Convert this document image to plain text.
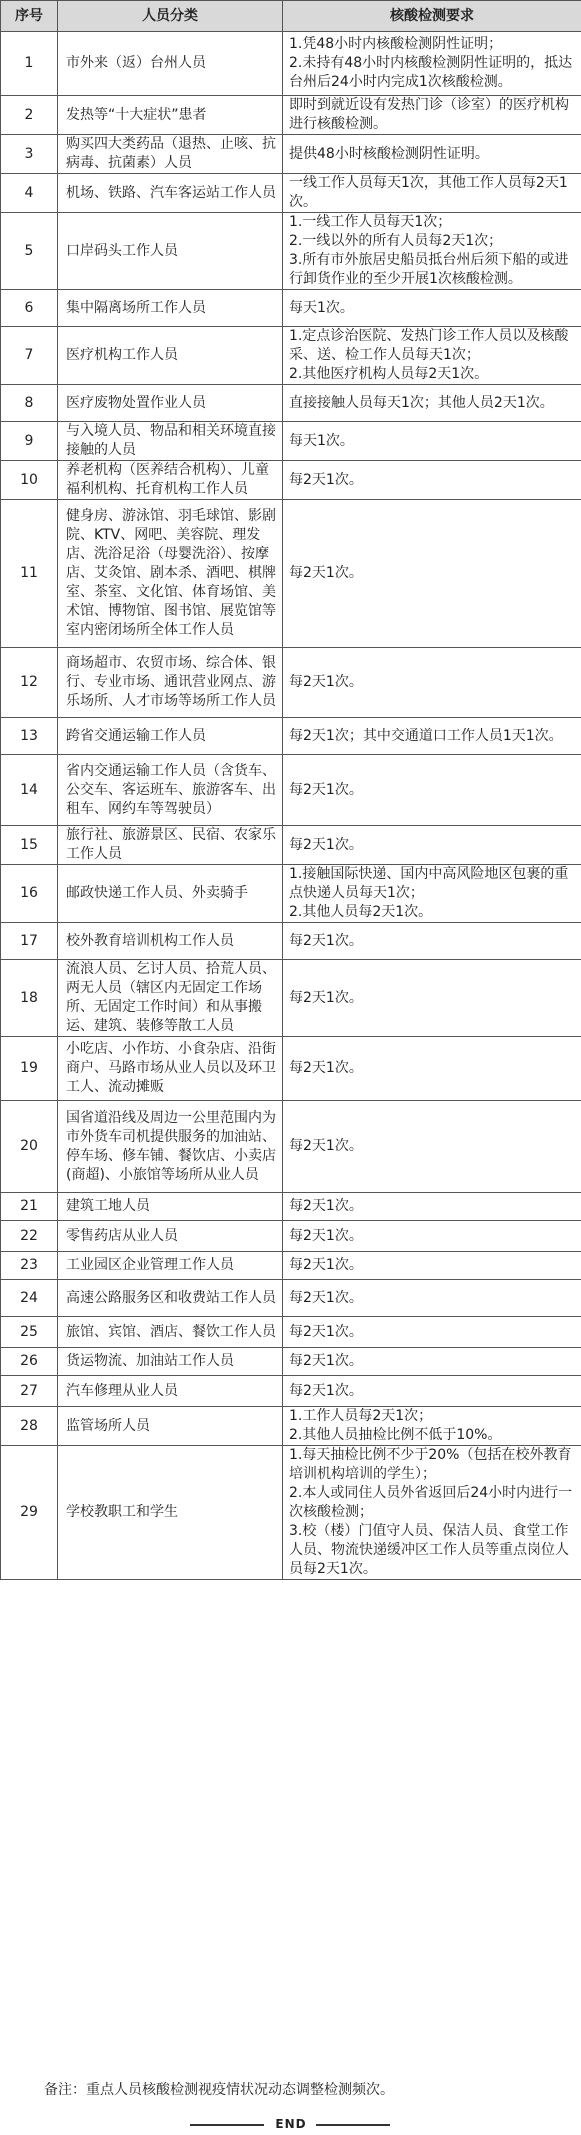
序号	人员分类	核酸检测要求
1	市外来（返）台州人员	1.凭48小时内核酸检测阴性证明；
2.未持有48小时内核酸检测阴性证明的，抵达台州后24小时内完成1次核酸检测。

2	发热等“十大症状”患者	即时到就近设有发热门诊（诊室）的医疗机构进行核酸检测。

3	购买四大类药品（退热、止咳、抗病毒、抗菌素）人员	提供48小时核酸检测阴性证明。

4	机场、铁路、汽车客运站工作人员	一线工作人员每天1次，其他工作人员每2天1次。

5	口岸码头工作人员	1.一线工作人员每天1次；
2.一线以外的所有人员每2天1次；
3.所有市外旅居史船员抵台州后须下船的或进行卸货作业的至少开展1次核酸检测。

6	集中隔离场所工作人员	每天1次。

7	医疗机构工作人员	1.定点诊治医院、发热门诊工作人员以及核酸采、送、检工作人员每天1次；
2.其他医疗机构人员每2天1次。

8	医疗废物处置作业人员	直接接触人员每天1次；其他人员2天1次。

9	与入境人员、物品和相关环境直接接触的人员	每天1次。

10	养老机构（医养结合机构）、儿童福利机构、托育机构工作人员	每2天1次。

11	健身房、游泳馆、羽毛球馆、影剧院、KTV、网吧、美容院、理发店、洗浴足浴（母婴洗浴）、按摩店、艾灸馆、剧本杀、酒吧、棋牌室、茶室、文化馆、体育场馆、美术馆、博物馆、图书馆、展览馆等室内密闭场所全体工作人员	每2天1次。

12	商场超市、农贸市场、综合体、银行、专业市场、通讯营业网点、游乐场所、人才市场等场所工作人员	每2天1次。

13	跨省交通运输工作人员	每2天1次；其中交通道口工作人员1天1次。

14	省内交通运输工作人员（含货车、公交车、客运班车、旅游客车、出租车、网约车等驾驶员）	每2天1次。

15	旅行社、旅游景区、民宿、农家乐工作人员	每2天1次。

16	邮政快递工作人员、外卖骑手	1.接触国际快递、国内中高风险地区包裹的重点快递人员每天1次；
2.其他人员每2天1次。

17	校外教育培训机构工作人员	每2天1次。

18	流浪人员、乞讨人员、拾荒人员、两无人员（辖区内无固定工作场所、无固定工作时间）和从事搬运、建筑、装修等散工人员	每2天1次。

19	小吃店、小作坊、小食杂店、沿街商户、马路市场从业人员以及环卫工人、流动摊贩	每2天1次。

20	国省道沿线及周边一公里范围内为市外货车司机提供服务的加油站、停车场、修车铺、餐饮店、小卖店(商超)、小旅馆等场所从业人员	每2天1次。

21	建筑工地人员	每2天1次。

22	零售药店从业人员	每2天1次。

23	工业园区企业管理工作人员	每2天1次。

24	高速公路服务区和收费站工作人员	每2天1次。

25	旅馆、宾馆、酒店、餐饮工作人员	每2天1次。

26	货运物流、加油站工作人员	每2天1次。

27	汽车修理从业人员	每2天1次。

28	监管场所人员	1.工作人员每2天1次；
2.其他人员抽检比例不低于10%。

29	学校教职工和学生	1.每天抽检比例不少于20%（包括在校外教育培训机构培训的学生）；
2.本人或同住人员外省返回后24小时内进行一次核酸检测；
3.校（楼）门值守人员、保洁人员、食堂工作人员、物流快递缓冲区工作人员等重点岗位人员每2天1次。
备注：重点人员核酸检测视疫情状况动态调整检测频次。
END
